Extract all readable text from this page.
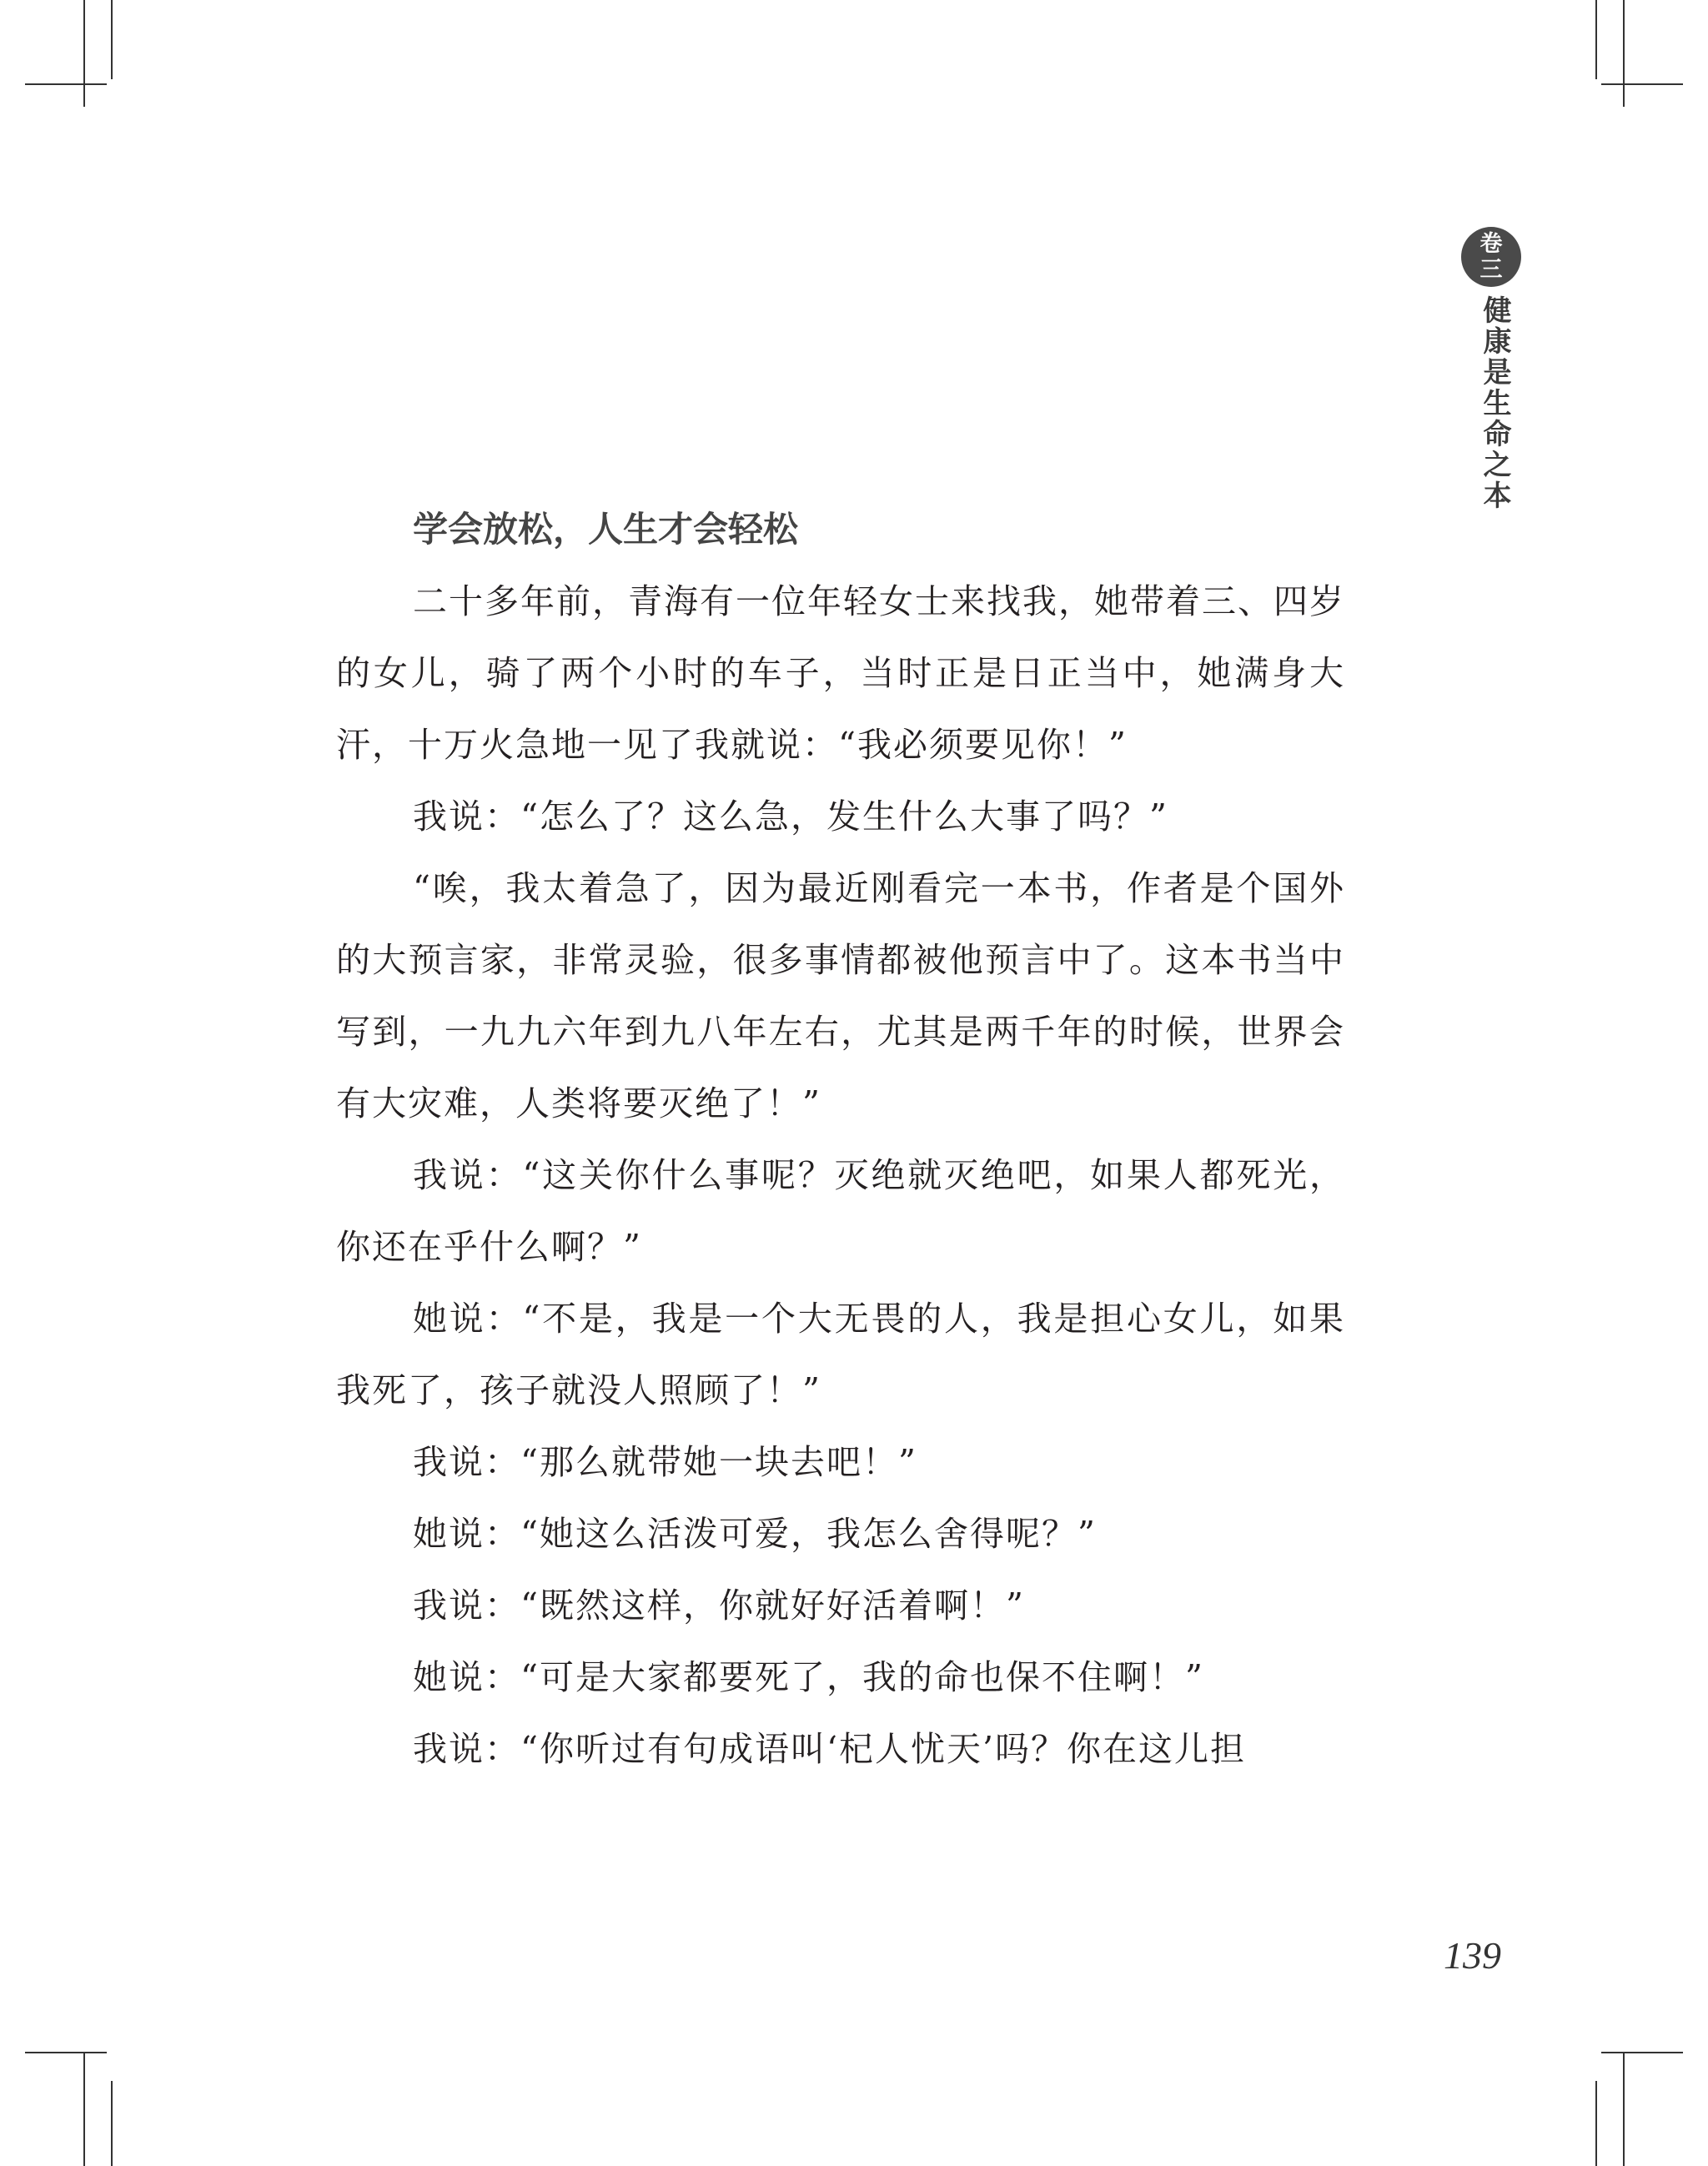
卷
三
健康是生命之本
学会放松，人生才会轻松

二十多年前，青海有一位年轻女士来找我，她带着三、四岁的女儿，骑了两个小时的车子，当时正是日正当中，她满身大汗，十万火急地一见了我就说：“我必须要见你！”

我说：“怎么了？这么急，发生什么大事了吗？”

“唉，我太着急了，因为最近刚看完一本书，作者是个国外的大预言家，非常灵验，很多事情都被他预言中了。这本书当中写到，一九九六年到九八年左右，尤其是两千年的时候，世界会有大灾难，人类将要灭绝了！”

我说：“这关你什么事呢？灭绝就灭绝吧，如果人都死光，你还在乎什么啊？”

她说：“不是，我是一个大无畏的人，我是担心女儿，如果我死了，孩子就没人照顾了！”

我说：“那么就带她一块去吧！”

她说：“她这么活泼可爱，我怎么舍得呢？”

我说：“既然这样，你就好好活着啊！”

她说：“可是大家都要死了，我的命也保不住啊！”

我说：“你听过有句成语叫‘杞人忧天’吗？你在这儿担

139
